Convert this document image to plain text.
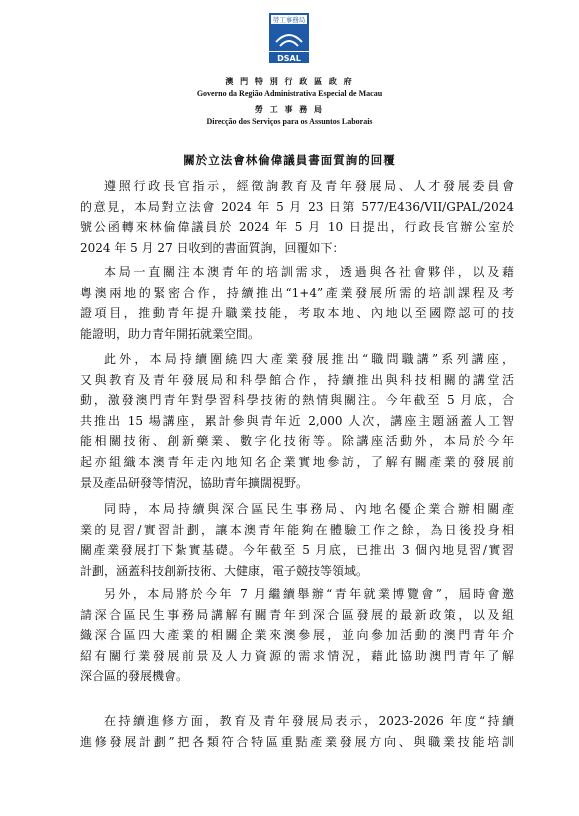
勞工事務局
DSAL
澳 門 特 別 行 政 區 政 府
Governo da Região Administrativa Especial de Macau
勞 工 事 務 局
Direcção dos Serviços para os Assuntos Laborais
關於立法會林倫偉議員書面質詢的回覆
遵照行政長官指示，經徵詢教育及青年發展局、人才發展委員會
的意見，本局對立法會 2024 年 5 月 23 日第 577/E436/VII/GPAL/2024
號公函轉來林倫偉議員於 2024 年 5 月 10 日提出，行政長官辦公室於
2024 年 5 月 27 日收到的書面質詢，回覆如下：
本局一直關注本澳青年的培訓需求，透過與各社會夥伴，以及藉
粵澳兩地的緊密合作，持續推出“1+4”產業發展所需的培訓課程及考
證項目，推動青年提升職業技能，考取本地、內地以至國際認可的技
能證明，助力青年開拓就業空間。
此外，本局持續圍繞四大產業發展推出“職問職講”系列講座，
又與教育及青年發展局和科學館合作，持續推出與科技相關的講堂活
動，激發澳門青年對學習科學技術的熱情與關注。今年截至 5 月底，合
共推出 15 場講座，累計參與青年近 2,000 人次，講座主題涵蓋人工智
能相關技術、創新藥業、數字化技術等。除講座活動外，本局於今年
起亦組織本澳青年走內地知名企業實地參訪，了解有關產業的發展前
景及產品研發等情況，協助青年擴闊視野。
同時，本局持續與深合區民生事務局、內地名優企業合辦相關產
業的見習/實習計劃，讓本澳青年能夠在體驗工作之餘，為日後投身相
關產業發展打下紮實基礎。今年截至 5 月底，已推出 3 個內地見習/實習
計劃，涵蓋科技創新技術、大健康，電子競技等領域。
另外，本局將於今年 7 月繼續舉辦“青年就業博覽會”，屆時會邀
請深合區民生事務局講解有關青年到深合區發展的最新政策，以及組
織深合區四大產業的相關企業來澳參展，並向參加活動的澳門青年介
紹有關行業發展前景及人力資源的需求情況，藉此協助澳門青年了解
深合區的發展機會。
在持續進修方面，教育及青年發展局表示，2023-2026 年度“持續
進修發展計劃”把各類符合特區重點產業發展方向、與職業技能培訓
